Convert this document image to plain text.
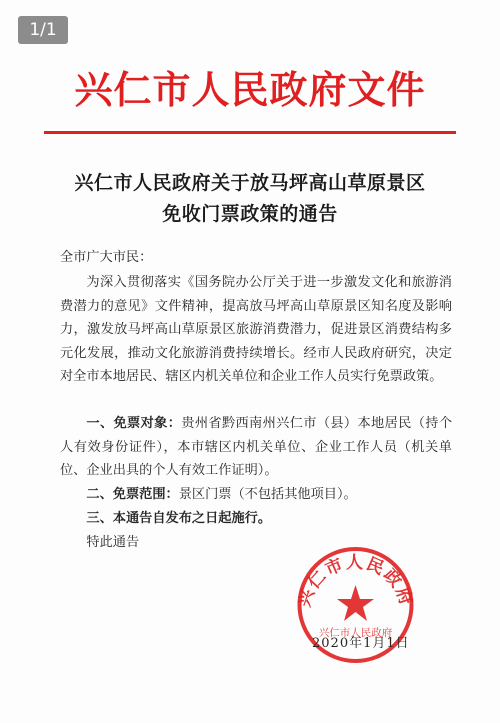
1/1
兴仁市人民政府文件
兴仁市人民政府关于放马坪高山草原景区
免收门票政策的通告
全市广大市民：

为深入贯彻落实《国务院办公厅关于进一步激发文化和旅游消费潜力的意见》文件精神，提高放马坪高山草原景区知名度及影响力，激发放马坪高山草原景区旅游消费潜力，促进景区消费结构多元化发展，推动文化旅游消费持续增长。经市人民政府研究，决定对全市本地居民、辖区内机关单位和企业工作人员实行免票政策。

一、免票对象：贵州省黔西南州兴仁市（县）本地居民（持个人有效身份证件），本市辖区内机关单位、企业工作人员（机关单位、企业出具的个人有效工作证明）。

二、免票范围：景区门票（不包括其他项目）。

三、本通告自发布之日起施行。

特此通告

兴仁市人民政府
兴仁市人民政府
2020年1月1日
